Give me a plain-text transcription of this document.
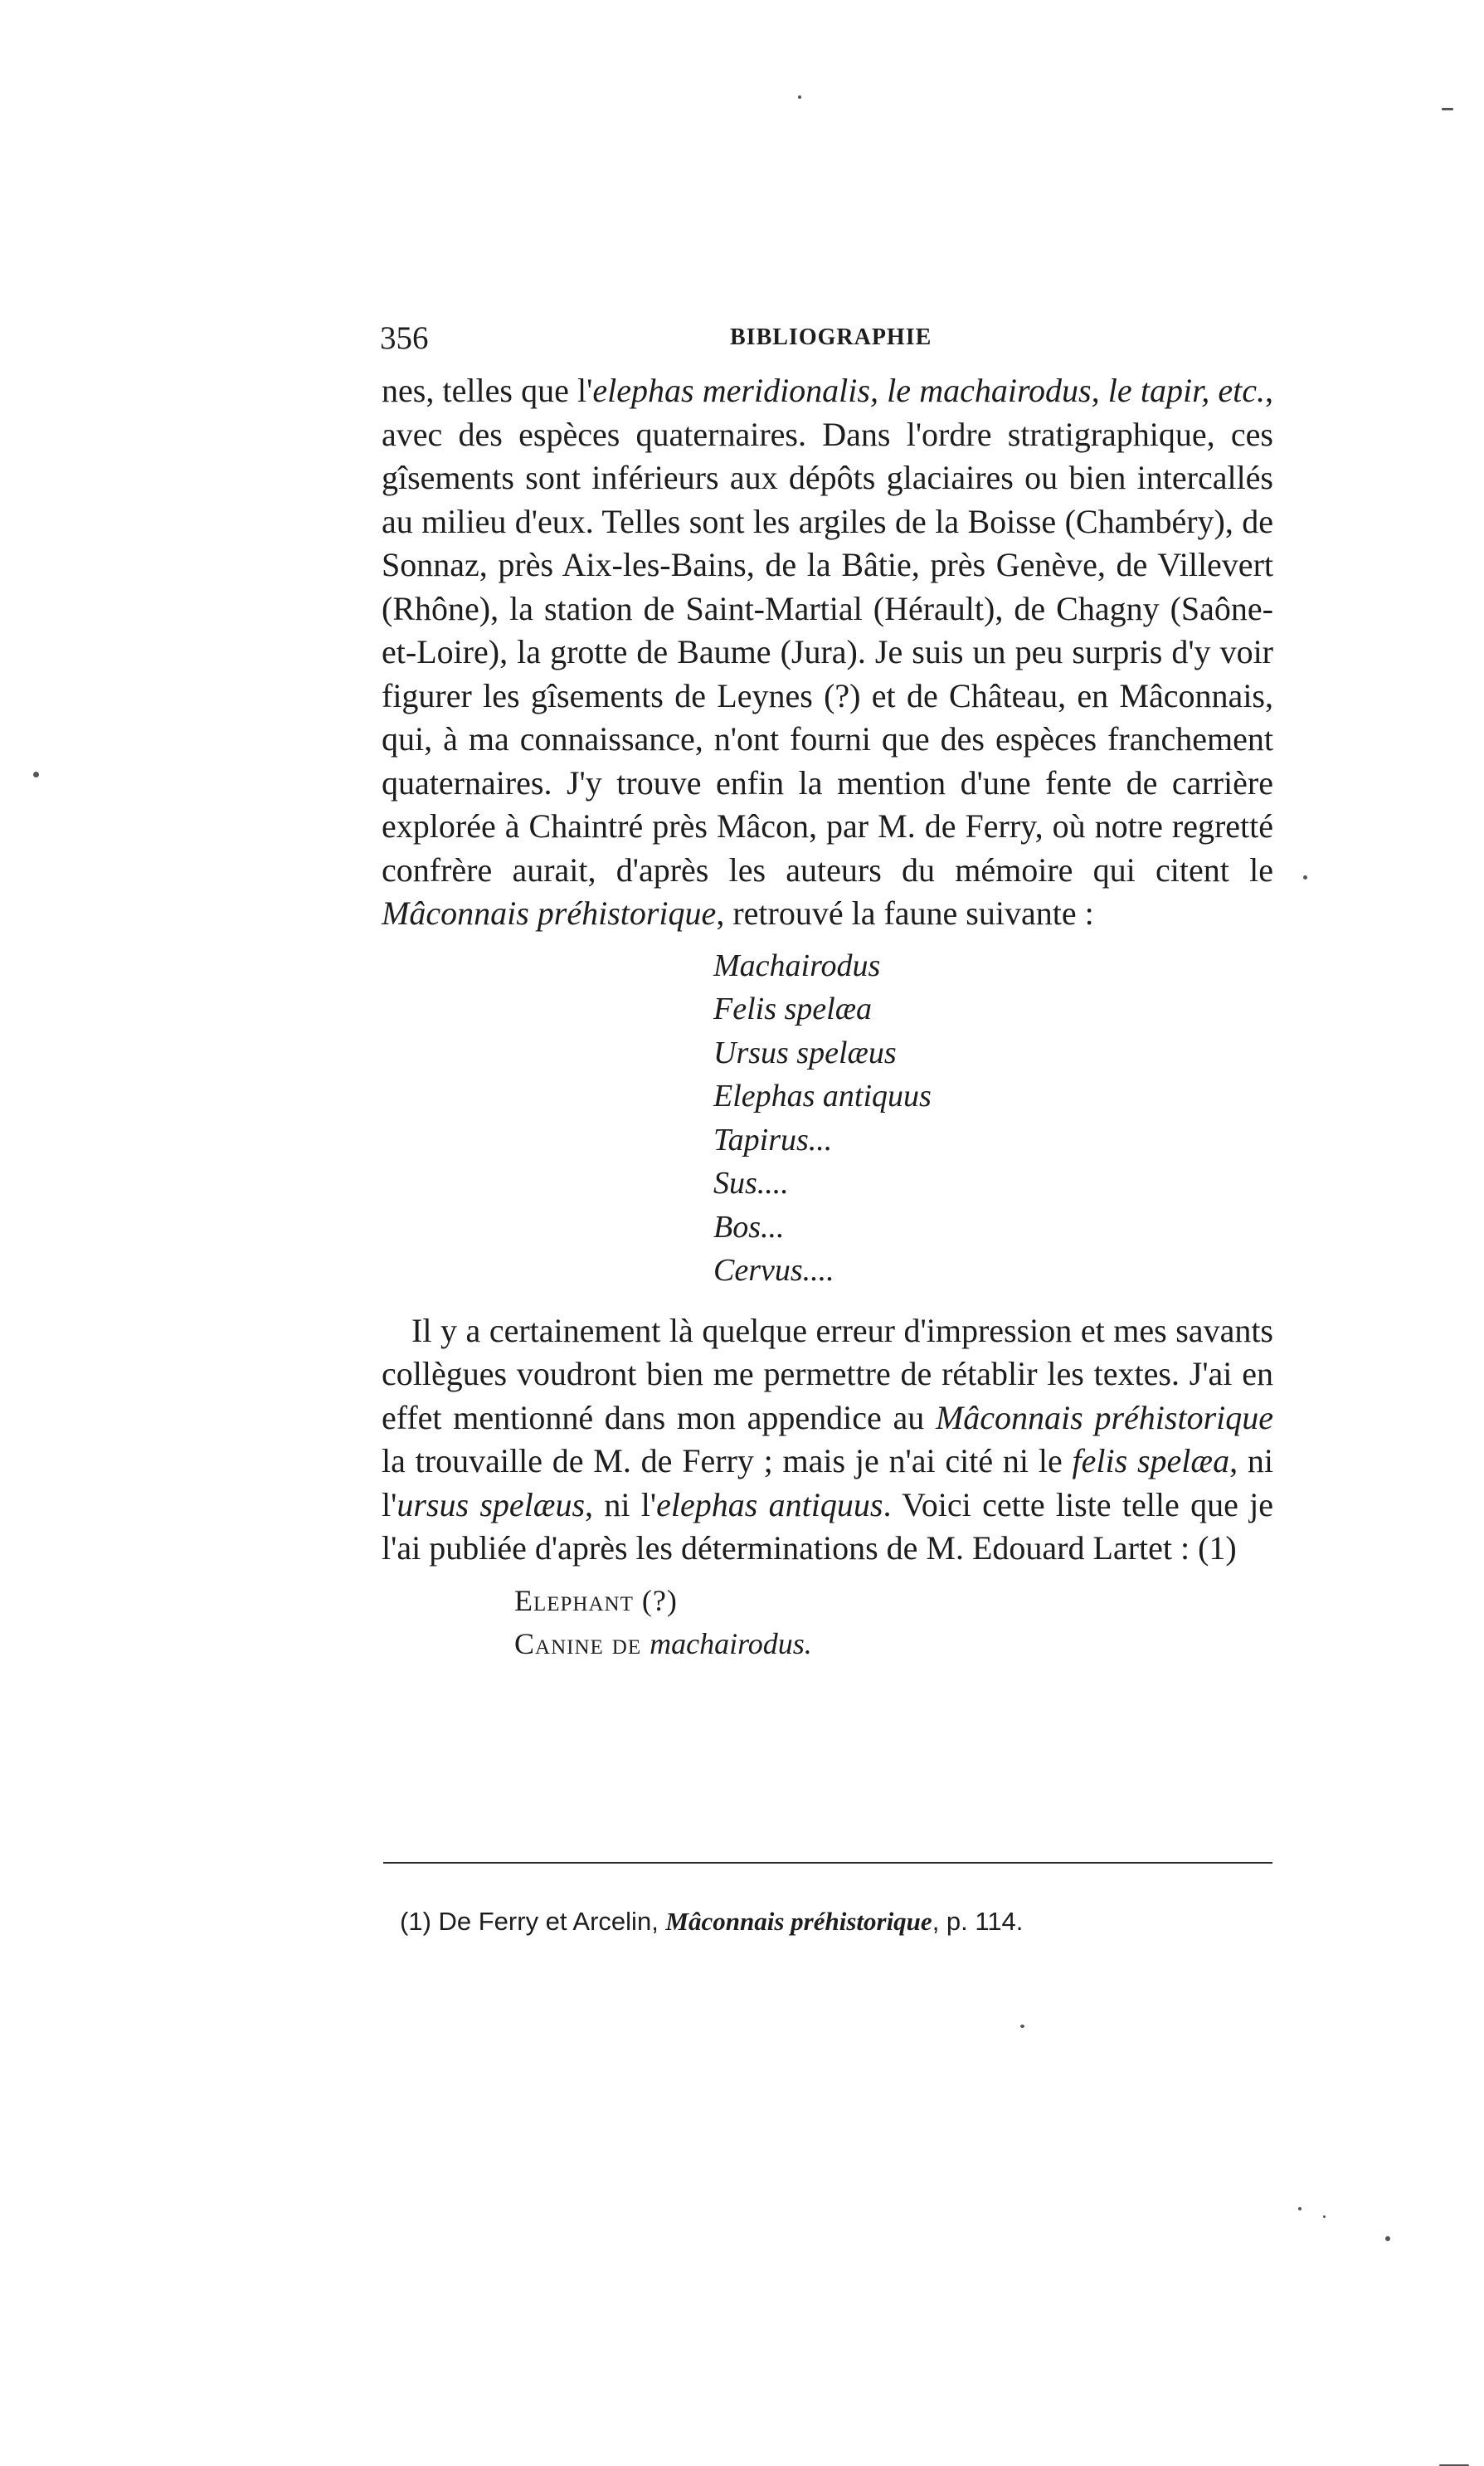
356	BIBLIOGRAPHIE

nes, telles que l'elephas meridionalis, le machairodus, le tapir, etc., avec des espèces quaternaires. Dans l'ordre stratigraphique, ces gîsements sont inférieurs aux dépôts glaciaires ou bien intercallés au milieu d'eux. Telles sont les argiles de la Boisse (Chambéry), de Sonnaz, près Aix-les-Bains, de la Bâtie, près Genève, de Villevert (Rhône), la station de Saint-Martial (Hérault), de Chagny (Saône-et-Loire), la grotte de Baume (Jura). Je suis un peu surpris d'y voir figurer les gîsements de Leynes (?) et de Château, en Mâconnais, qui, à ma connaissance, n'ont fourni que des espèces franchement quaternaires. J'y trouve enfin la mention d'une fente de carrière explorée à Chaintré près Mâcon, par M. de Ferry, où notre regretté confrère aurait, d'après les auteurs du mémoire qui citent le Mâconnais préhistorique, retrouvé la faune suivante :

Machairodus
Felis spelæa
Ursus spelæus
Elephas antiquus
Tapirus...
Sus....
Bos...
Cervus....

Il y a certainement là quelque erreur d'impression et mes savants collègues voudront bien me permettre de rétablir les textes. J'ai en effet mentionné dans mon appendice au Mâconnais préhistorique la trouvaille de M. de Ferry ; mais je n'ai cité ni le felis spelæa, ni l'ursus spelæus, ni l'elephas antiquus. Voici cette liste telle que je l'ai publiée d'après les déterminations de M. Edouard Lartet : (1)

Elephant (?)
Canine de machairodus.
(1) De Ferry et Arcelin, Mâconnais préhistorique, p. 114.
